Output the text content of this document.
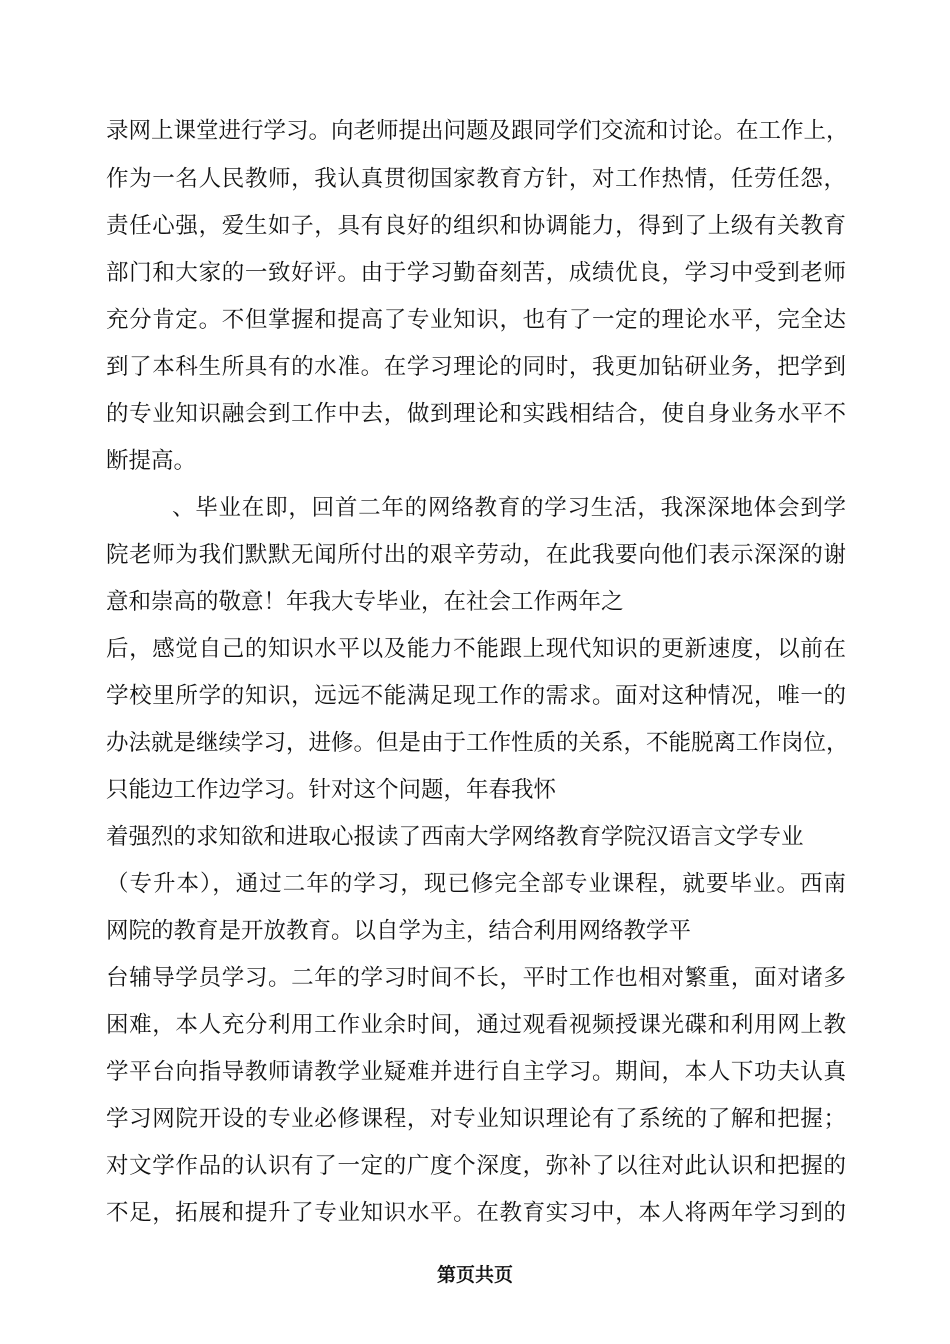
录网上课堂进行学习。向老师提出问题及跟同学们交流和讨论。在工作上，
作为一名人民教师，我认真贯彻国家教育方针，对工作热情，任劳任怨，
责任心强，爱生如子，具有良好的组织和协调能力，得到了上级有关教育
部门和大家的一致好评。由于学习勤奋刻苦，成绩优良，学习中受到老师
充分肯定。不但掌握和提高了专业知识，也有了一定的理论水平，完全达
到了本科生所具有的水准。在学习理论的同时，我更加钻研业务，把学到
的专业知识融会到工作中去，做到理论和实践相结合，使自身业务水平不
断提高。
、毕业在即，回首二年的网络教育的学习生活，我深深地体会到学
院老师为我们默默无闻所付出的艰辛劳动，在此我要向他们表示深深的谢
意和崇高的敬意！年我大专毕业，在社会工作两年之
后，感觉自己的知识水平以及能力不能跟上现代知识的更新速度，以前在
学校里所学的知识，远远不能满足现工作的需求。面对这种情况，唯一的
办法就是继续学习，进修。但是由于工作性质的关系，不能脱离工作岗位，
只能边工作边学习。针对这个问题，年春我怀
着强烈的求知欲和进取心报读了西南大学网络教育学院汉语言文学专业
（专升本），通过二年的学习，现已修完全部专业课程，就要毕业。西南
网院的教育是开放教育。以自学为主，结合利用网络教学平
台辅导学员学习。二年的学习时间不长，平时工作也相对繁重，面对诸多
困难，本人充分利用工作业余时间，通过观看视频授课光碟和利用网上教
学平台向指导教师请教学业疑难并进行自主学习。期间，本人下功夫认真
学习网院开设的专业必修课程，对专业知识理论有了系统的了解和把握；
对文学作品的认识有了一定的广度个深度，弥补了以往对此认识和把握的
不足，拓展和提升了专业知识水平。在教育实习中，本人将两年学习到的
第页共页
